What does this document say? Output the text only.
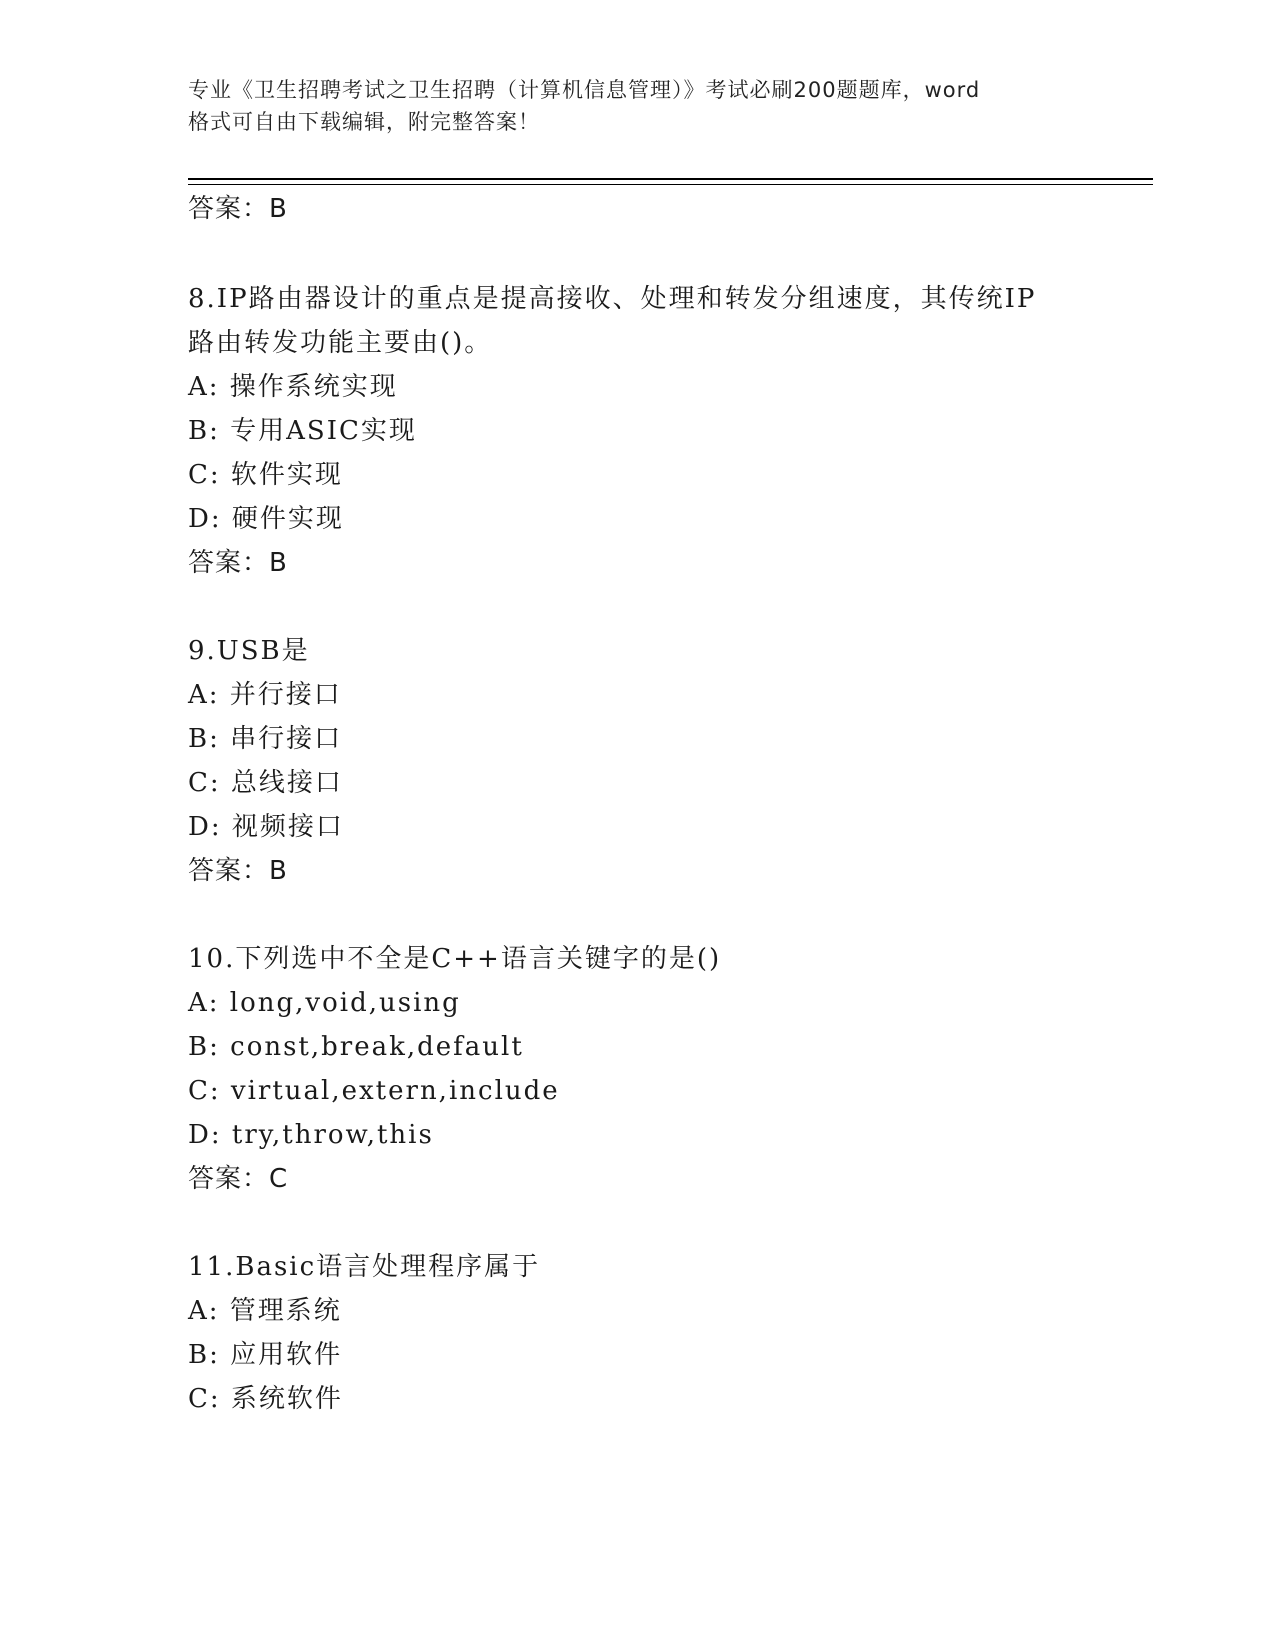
专业《卫生招聘考试之卫生招聘（计算机信息管理）》考试必刷200题题库，word
格式可自由下载编辑，附完整答案！
答案：B
8.IP路由器设计的重点是提高接收、处理和转发分组速度，其传统IP
路由转发功能主要由()。
A: 操作系统实现
B: 专用ASIC实现
C: 软件实现
D: 硬件实现
答案：B
9.USB是
A: 并行接口
B: 串行接口
C: 总线接口
D: 视频接口
答案：B
10.下列选中不全是C++语言关键字的是()
A: long,void,using
B: const,break,default
C: virtual,extern,include
D: try,throw,this
答案：C
11.Basic语言处理程序属于
A: 管理系统
B: 应用软件
C: 系统软件
